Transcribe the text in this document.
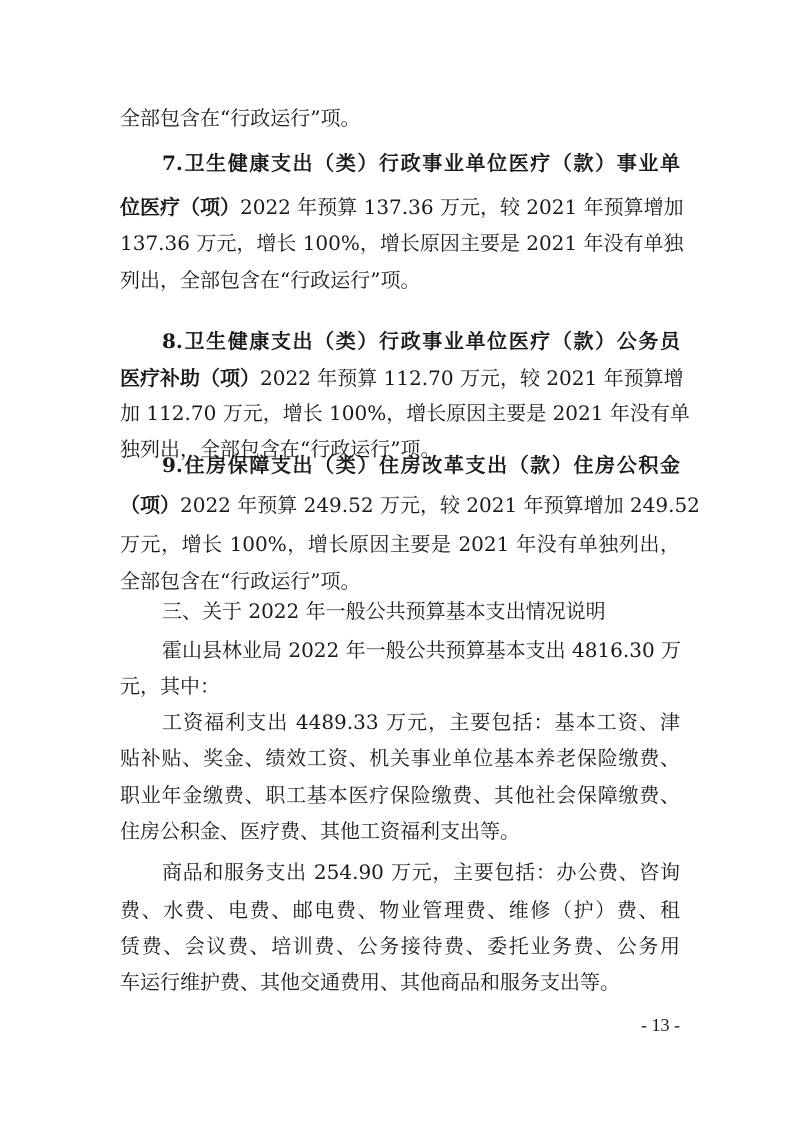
全部包含在“行政运行”项。
7.卫生健康支出（类）行政事业单位医疗（款）事业单
位医疗（项）2022 年预算 137.36 万元，较 2021 年预算增加
137.36 万元，增长 100%，增长原因主要是 2021 年没有单独
列出，全部包含在“行政运行”项。
8.卫生健康支出（类）行政事业单位医疗（款）公务员
医疗补助（项）2022 年预算 112.70 万元，较 2021 年预算增
加 112.70 万元，增长 100%，增长原因主要是 2021 年没有单
独列出，全部包含在“行政运行”项。
9.住房保障支出（类）住房改革支出（款）住房公积金
（项）2022 年预算 249.52 万元，较 2021 年预算增加 249.52
万元，增长 100%，增长原因主要是 2021 年没有单独列出，
全部包含在“行政运行”项。
三、关于 2022 年一般公共预算基本支出情况说明
霍山县林业局 2022 年一般公共预算基本支出 4816.30 万
元，其中：
工资福利支出 4489.33 万元，主要包括：基本工资、津
贴补贴、奖金、绩效工资、机关事业单位基本养老保险缴费、
职业年金缴费、职工基本医疗保险缴费、其他社会保障缴费、
住房公积金、医疗费、其他工资福利支出等。
商品和服务支出 254.90 万元，主要包括：办公费、咨询
费、水费、电费、邮电费、物业管理费、维修（护）费、租
赁费、会议费、培训费、公务接待费、委托业务费、公务用
车运行维护费、其他交通费用、其他商品和服务支出等。
- 13 -
